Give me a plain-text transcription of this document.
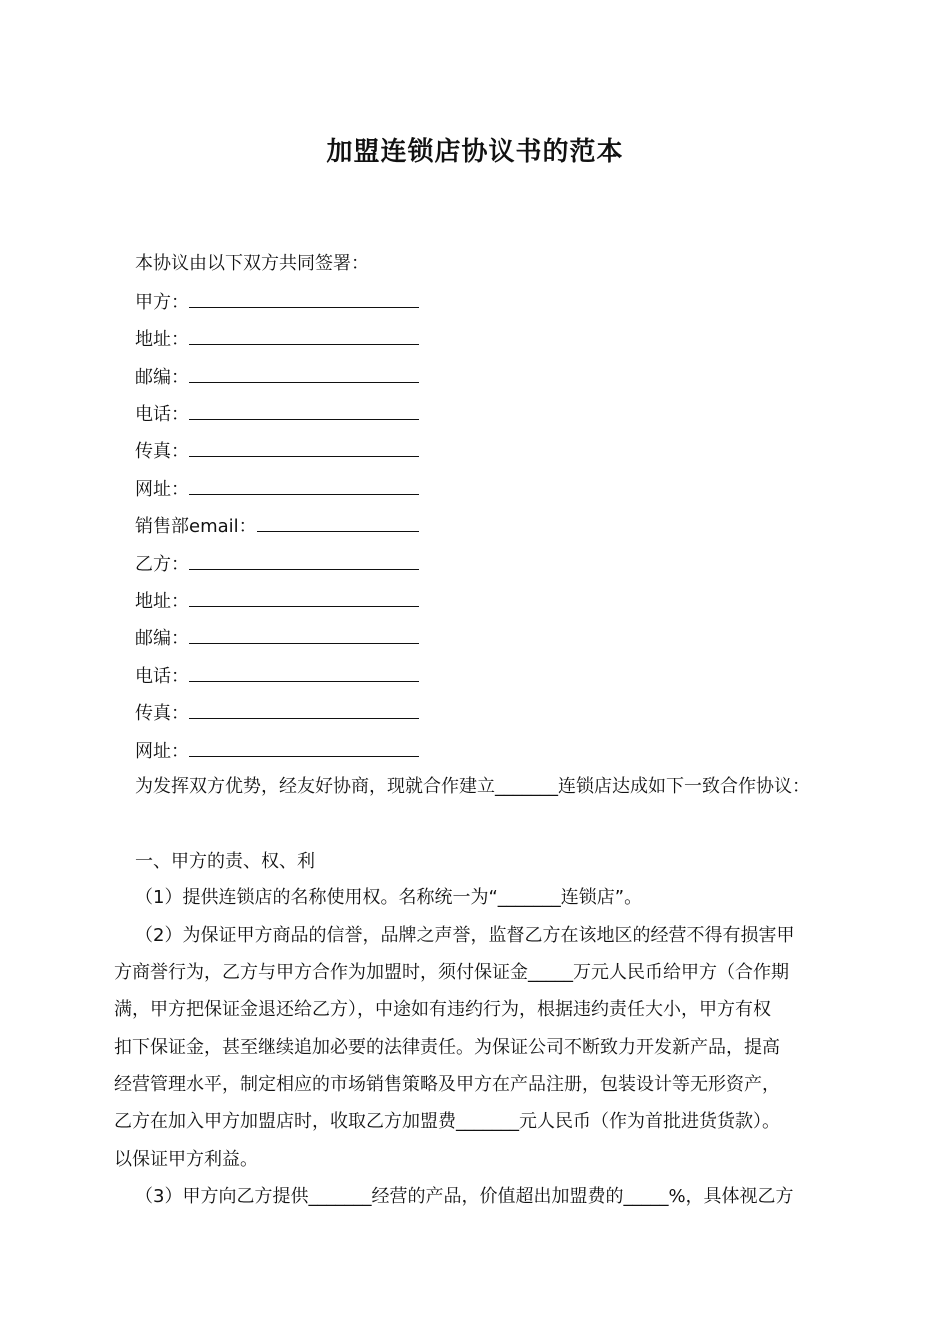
加盟连锁店协议书的范本
本协议由以下双方共同签署：
甲方：
地址：
邮编：
电话：
传真：
网址：
销售部email：
乙方：
地址：
邮编：
电话：
传真：
网址：
为发挥双方优势，经友好协商，现就合作建立_______连锁店达成如下一致合作协议：
一、甲方的责、权、利
（1）提供连锁店的名称使用权。名称统一为“_______连锁店”。
（2）为保证甲方商品的信誉，品牌之声誉，监督乙方在该地区的经营不得有损害甲
方商誉行为，乙方与甲方合作为加盟时，须付保证金_____万元人民币给甲方（合作期
满，甲方把保证金退还给乙方），中途如有违约行为，根据违约责任大小，甲方有权
扣下保证金，甚至继续追加必要的法律责任。为保证公司不断致力开发新产品，提高
经营管理水平，制定相应的市场销售策略及甲方在产品注册，包装设计等无形资产，
乙方在加入甲方加盟店时，收取乙方加盟费_______元人民币（作为首批进货货款）。
以保证甲方利益。
（3）甲方向乙方提供_______经营的产品，价值超出加盟费的_____%，具体视乙方
